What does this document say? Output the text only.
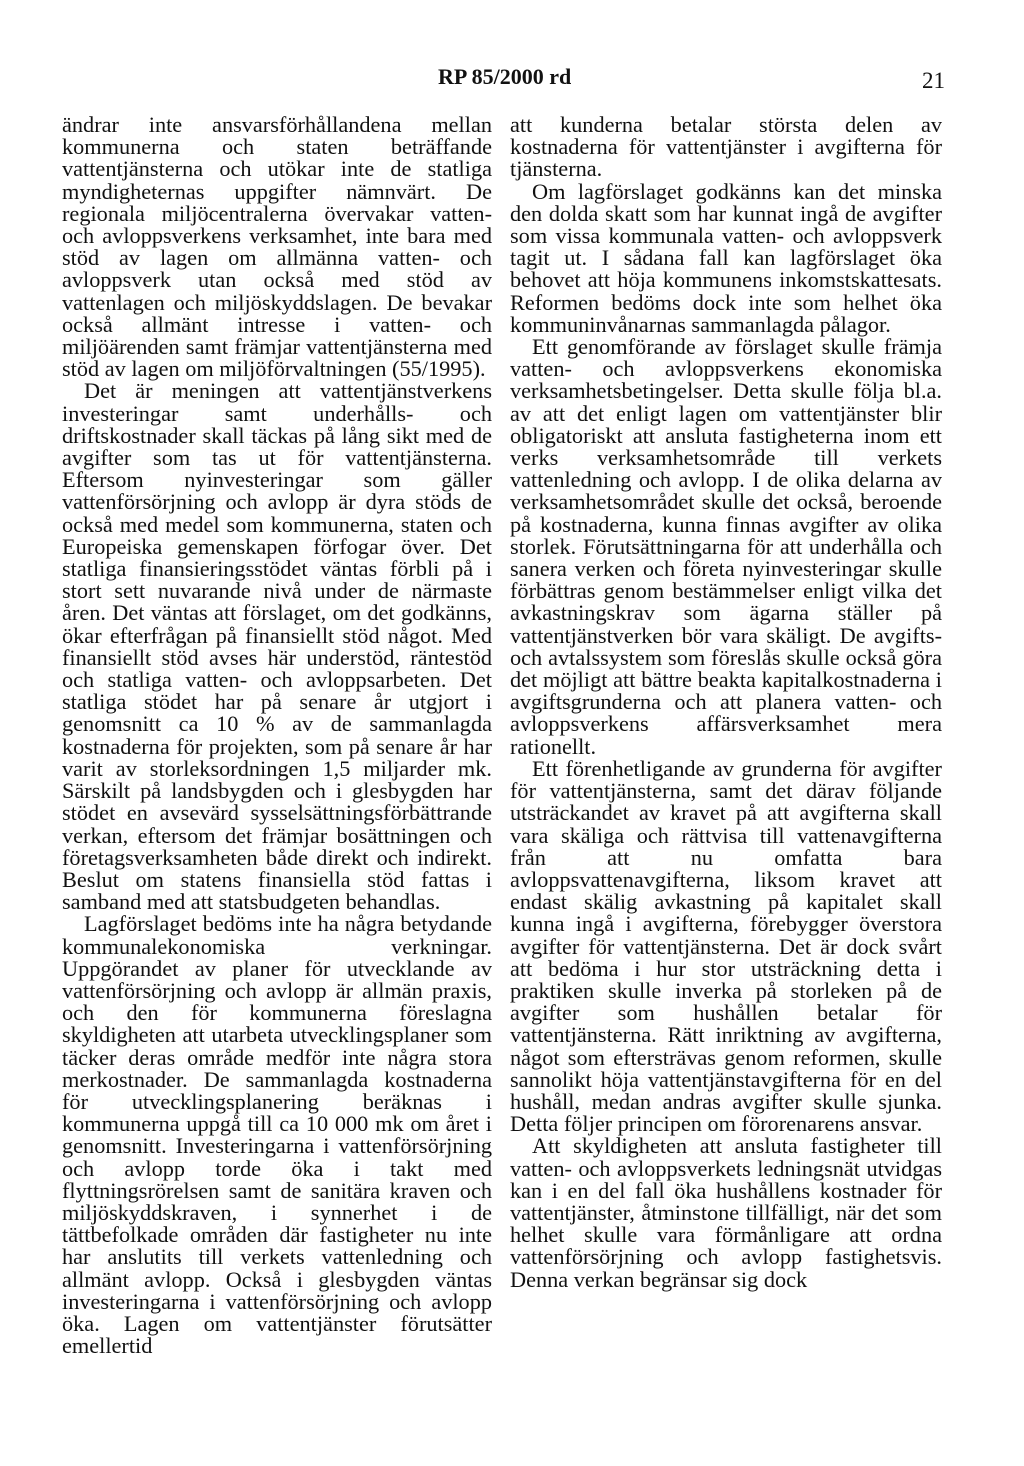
RP 85/2000 rd	21

ändrar inte ansvarsförhållandena mellan kommunerna och staten beträffande vattentjänsterna och utökar inte de statliga myndigheternas uppgifter nämnvärt. De regionala miljöcentralerna övervakar vatten- och avloppsverkens verksamhet, inte bara med stöd av lagen om allmänna vatten- och avloppsverk utan också med stöd av vattenlagen och miljöskyddslagen. De bevakar också allmänt intresse i vatten- och miljöärenden samt främjar vattentjänsterna med stöd av lagen om miljöförvaltningen (55/1995).

Det är meningen att vattentjänstverkens investeringar samt underhålls- och driftskostnader skall täckas på lång sikt med de avgifter som tas ut för vattentjänsterna. Eftersom nyinvesteringar som gäller vattenförsörjning och avlopp är dyra stöds de också med medel som kommunerna, staten och Europeiska gemenskapen förfogar över. Det statliga finansieringsstödet väntas förbli på i stort sett nuvarande nivå under de närmaste åren. Det väntas att förslaget, om det godkänns, ökar efterfrågan på finansiellt stöd något. Med finansiellt stöd avses här understöd, räntestöd och statliga vatten- och avloppsarbeten. Det statliga stödet har på senare år utgjort i genomsnitt ca 10 % av de sammanlagda kostnaderna för projekten, som på senare år har varit av storleksordningen 1,5 miljarder mk. Särskilt på landsbygden och i glesbygden har stödet en avsevärd sysselsättningsförbättrande verkan, eftersom det främjar bosättningen och företagsverksamheten både direkt och indirekt. Beslut om statens finansiella stöd fattas i samband med att statsbudgeten behandlas.

Lagförslaget bedöms inte ha några betydande kommunalekonomiska verkningar. Uppgörandet av planer för utvecklande av vattenförsörjning och avlopp är allmän praxis, och den för kommunerna föreslagna skyldigheten att utarbeta utvecklingsplaner som täcker deras område medför inte några stora merkostnader. De sammanlagda kostnaderna för utvecklingsplanering beräknas i kommunerna uppgå till ca 10 000 mk om året i genomsnitt. Investeringarna i vattenförsörjning och avlopp torde öka i takt med flyttningsrörelsen samt de sanitära kraven och miljöskyddskraven, i synnerhet i de tättbefolkade områden där fastigheter nu inte har anslutits till verkets vattenledning och allmänt avlopp. Också i glesbygden väntas investeringarna i vattenförsörjning och avlopp öka. Lagen om vattentjänster förutsätter emellertid

att kunderna betalar största delen av kostnaderna för vattentjänster i avgifterna för tjänsterna.

Om lagförslaget godkänns kan det minska den dolda skatt som har kunnat ingå de avgifter som vissa kommunala vatten- och avloppsverk tagit ut. I sådana fall kan lagförslaget öka behovet att höja kommunens inkomstskattesats. Reformen bedöms dock inte som helhet öka kommuninvånarnas sammanlagda pålagor.

Ett genomförande av förslaget skulle främja vatten- och avloppsverkens ekonomiska verksamhetsbetingelser. Detta skulle följa bl.a. av att det enligt lagen om vattentjänster blir obligatoriskt att ansluta fastigheterna inom ett verks verksamhetsområde till verkets vattenledning och avlopp. I de olika delarna av verksamhetsområdet skulle det också, beroende på kostnaderna, kunna finnas avgifter av olika storlek. Förutsättningarna för att underhålla och sanera verken och företa nyinvesteringar skulle förbättras genom bestämmelser enligt vilka det avkastningskrav som ägarna ställer på vattentjänstverken bör vara skäligt. De avgifts- och avtalssystem som föreslås skulle också göra det möjligt att bättre beakta kapitalkostnaderna i avgiftsgrunderna och att planera vatten- och avloppsverkens affärsverksamhet mera rationellt.

Ett förenhetligande av grunderna för avgifter för vattentjänsterna, samt det därav följande utsträckandet av kravet på att avgifterna skall vara skäliga och rättvisa till vattenavgifterna från att nu omfatta bara avloppsvattenavgifterna, liksom kravet att endast skälig avkastning på kapitalet skall kunna ingå i avgifterna, förebygger överstora avgifter för vattentjänsterna. Det är dock svårt att bedöma i hur stor utsträckning detta i praktiken skulle inverka på storleken på de avgifter som hushållen betalar för vattentjänsterna. Rätt inriktning av avgifterna, något som eftersträvas genom reformen, skulle sannolikt höja vattentjänstavgifterna för en del hushåll, medan andras avgifter skulle sjunka. Detta följer principen om förorenarens ansvar.

Att skyldigheten att ansluta fastigheter till vatten- och avloppsverkets ledningsnät utvidgas kan i en del fall öka hushållens kostnader för vattentjänster, åtminstone tillfälligt, när det som helhet skulle vara förmånligare att ordna vattenförsörjning och avlopp fastighetsvis. Denna verkan begränsar sig dock
